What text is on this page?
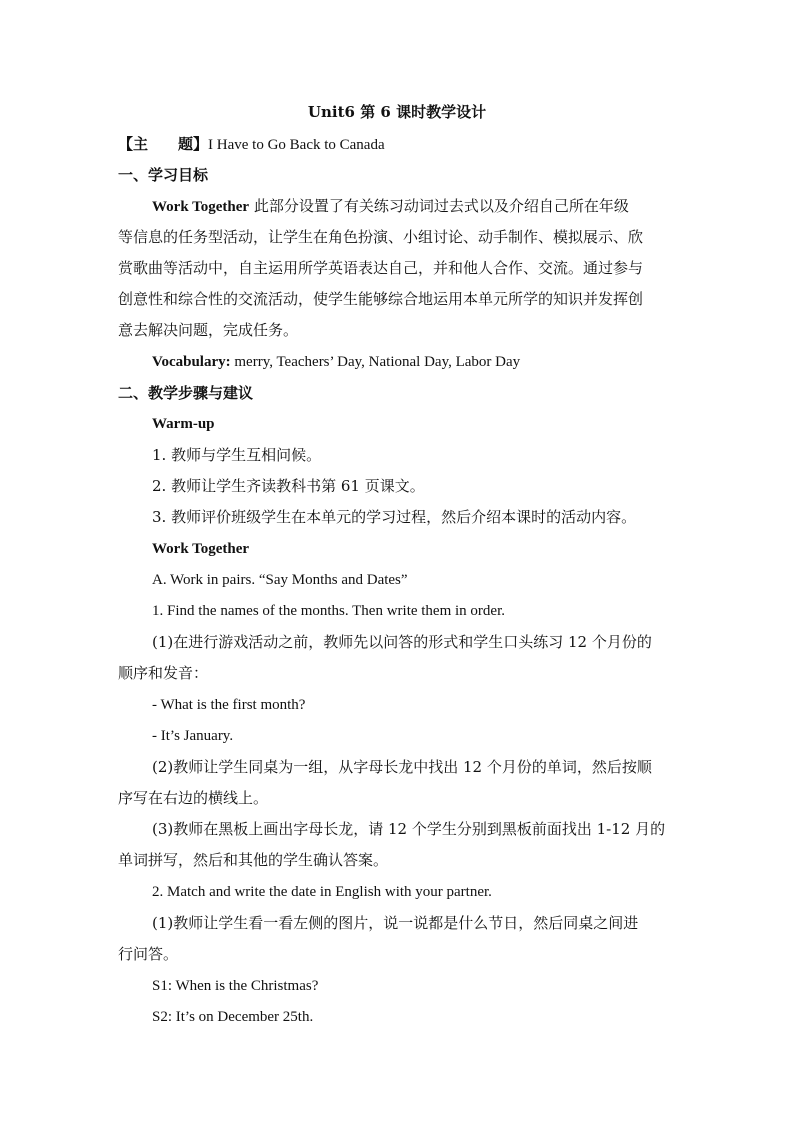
Unit6 第 6 课时教学设计
【主　　题】I Have to Go Back to Canada
一、学习目标
Work Together 此部分设置了有关练习动词过去式以及介绍自己所在年级
等信息的任务型活动，让学生在角色扮演、小组讨论、动手制作、模拟展示、欣
赏歌曲等活动中，自主运用所学英语表达自己，并和他人合作、交流。通过参与
创意性和综合性的交流活动，使学生能够综合地运用本单元所学的知识并发挥创
意去解决问题，完成任务。
Vocabulary: merry, Teachers’ Day, National Day, Labor Day
二、教学步骤与建议
Warm-up
1. 教师与学生互相问候。
2. 教师让学生齐读教科书第 61 页课文。
3. 教师评价班级学生在本单元的学习过程，然后介绍本课时的活动内容。
Work Together
A. Work in pairs. “Say Months and Dates”
1. Find the names of the months. Then write them in order.
(1)在进行游戏活动之前，教师先以问答的形式和学生口头练习 12 个月份的
顺序和发音：
- What is the first month?
- It’s January.
(2)教师让学生同桌为一组，从字母长龙中找出 12 个月份的单词，然后按顺
序写在右边的横线上。
(3)教师在黑板上画出字母长龙，请 12 个学生分别到黑板前面找出 1-12 月的
单词拼写，然后和其他的学生确认答案。
2. Match and write the date in English with your partner.
(1)教师让学生看一看左侧的图片，说一说都是什么节日，然后同桌之间进
行问答。
S1: When is the Christmas?
S2: It’s on December 25th.
